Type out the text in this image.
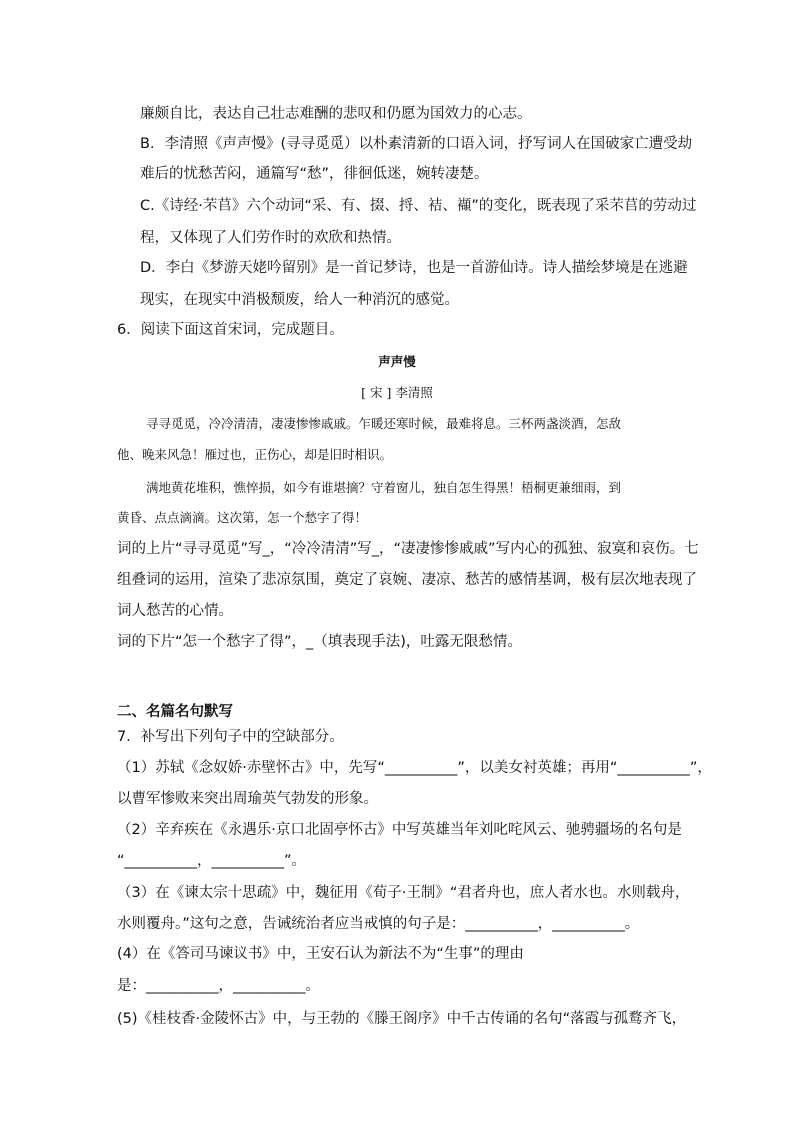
廉颇自比，表达自己壮志难酬的悲叹和仍愿为国效力的心志。
B．李清照《声声慢》(寻寻觅觅）以朴素清新的口语入词，抒写词人在国破家亡遭受劫
难后的忧愁苦闷，通篇写“愁”，徘徊低迷，婉转凄楚。
C.《诗经·芣苢》六个动词“采、有、掇、捋、袺、襭”的变化，既表现了采芣苢的劳动过
程，又体现了人们劳作时的欢欣和热情。
D．李白《梦游天姥吟留别》是一首记梦诗，也是一首游仙诗。诗人描绘梦境是在逃避
现实，在现实中消极颓废，给人一种消沉的感觉。
6．阅读下面这首宋词，完成题目。
声声慢
[ 宋 ] 李清照
寻寻觅觅，冷冷清清，凄凄惨惨戚戚。乍暖还寒时候，最难将息。三杯两盏淡酒，怎敌
他、晚来风急！雁过也，正伤心，却是旧时相识。
满地黄花堆积，憔悴损，如今有谁堪摘？守着窗儿，独自怎生得黑！梧桐更兼细雨，到
黄昏、点点滴滴。这次第，怎一个愁字了得！
词的上片“寻寻觅觅”写_，“冷冷清清”写_，“凄凄惨惨戚戚”写内心的孤独、寂寞和哀伤。七
组叠词的运用，渲染了悲凉氛围，奠定了哀婉、凄凉、愁苦的感情基调，极有层次地表现了
词人愁苦的心情。
词的下片“怎一个愁字了得”，_（填表现手法)，吐露无限愁情。
二、名篇名句默写
7．补写出下列句子中的空缺部分。
（1）苏轼《念奴娇·赤壁怀古》中，先写“__________”，以美女衬英雄；再用“__________”，
以曹军惨败来突出周瑜英气勃发的形象。
（2）辛弃疾在《永遇乐·京口北固亭怀古》中写英雄当年刘叱咤风云、驰骋疆场的名句是
“__________，__________”。
（3）在《谏太宗十思疏》中，魏征用《荀子·王制》“君者舟也，庶人者水也。水则载舟，
水则覆舟。”这句之意，告诫统治者应当戒慎的句子是：__________，__________。
(4）在《答司马谏议书》中，王安石认为新法不为“生事”的理由
是：__________，__________。
(5)《桂枝香·金陵怀古》中，与王勃的《滕王阁序》中千古传诵的名句“落霞与孤鹜齐飞，
